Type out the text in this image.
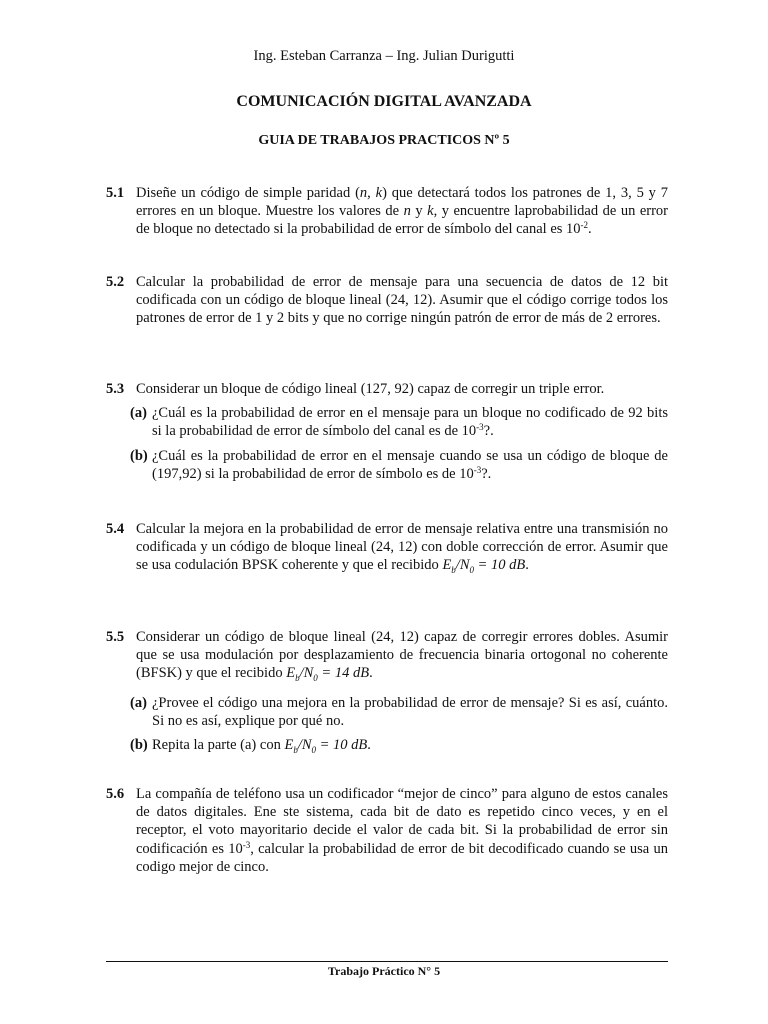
Ing. Esteban Carranza – Ing. Julian Durigutti
COMUNICACIÓN DIGITAL AVANZADA
GUIA DE TRABAJOS PRACTICOS Nº 5
5.1 Diseñe un código de simple paridad (n, k) que detectará todos los patrones de 1, 3, 5 y 7 errores en un bloque. Muestre los valores de n y k, y encuentre laprobabilidad de un error de bloque no detectado si la probabilidad de error de símbolo del canal es $10^{-2}$.
5.2 Calcular la probabilidad de error de mensaje para una secuencia de datos de 12 bit codificada con un código de bloque lineal (24, 12). Asumir que el código corrige todos los patrones de error de 1 y 2 bits y que no corrige ningún patrón de error de más de 2 errores.
5.3 Considerar un bloque de código lineal (127, 92) capaz de corregir un triple error.
(a) ¿Cuál es la probabilidad de error en el mensaje para un bloque no codificado de 92 bits si la probabilidad de error de símbolo del canal es de $10^{-3}$?.
(b) ¿Cuál es la probabilidad de error en el mensaje cuando se usa un código de bloque de (197,92) si la probabilidad de error de símbolo es de $10^{-3}$?.
5.4 Calcular la mejora en la probabilidad de error de mensaje relativa entre una transmisión no codificada y un código de bloque lineal (24, 12) con doble corrección de error. Asumir que se usa codulación BPSK coherente y que el recibido $E_b/N_0 = 10$ dB.
5.5 Considerar un código de bloque lineal (24, 12) capaz de corregir errores dobles. Asumir que se usa modulación por desplazamiento de frecuencia binaria ortogonal no coherente (BFSK) y que el recibido $E_b/N_0 = 14$ dB.
(a) ¿Provee el código una mejora en la probabilidad de error de mensaje? Si es así, cuánto. Si no es así, explique por qué no.
(b) Repita la parte (a) con $E_b/N_0 = 10$ dB.
5.6 La compañía de teléfono usa un codificador “mejor de cinco” para alguno de estos canales de datos digitales. Ene ste sistema, cada bit de dato es repetido cinco veces, y en el receptor, el voto mayoritario decide el valor de cada bit. Si la probabilidad de error sin codificación es $10^{-3}$, calcular la probabilidad de error de bit decodificado cuando se usa un codigo mejor de cinco.
Trabajo Práctico N° 5
